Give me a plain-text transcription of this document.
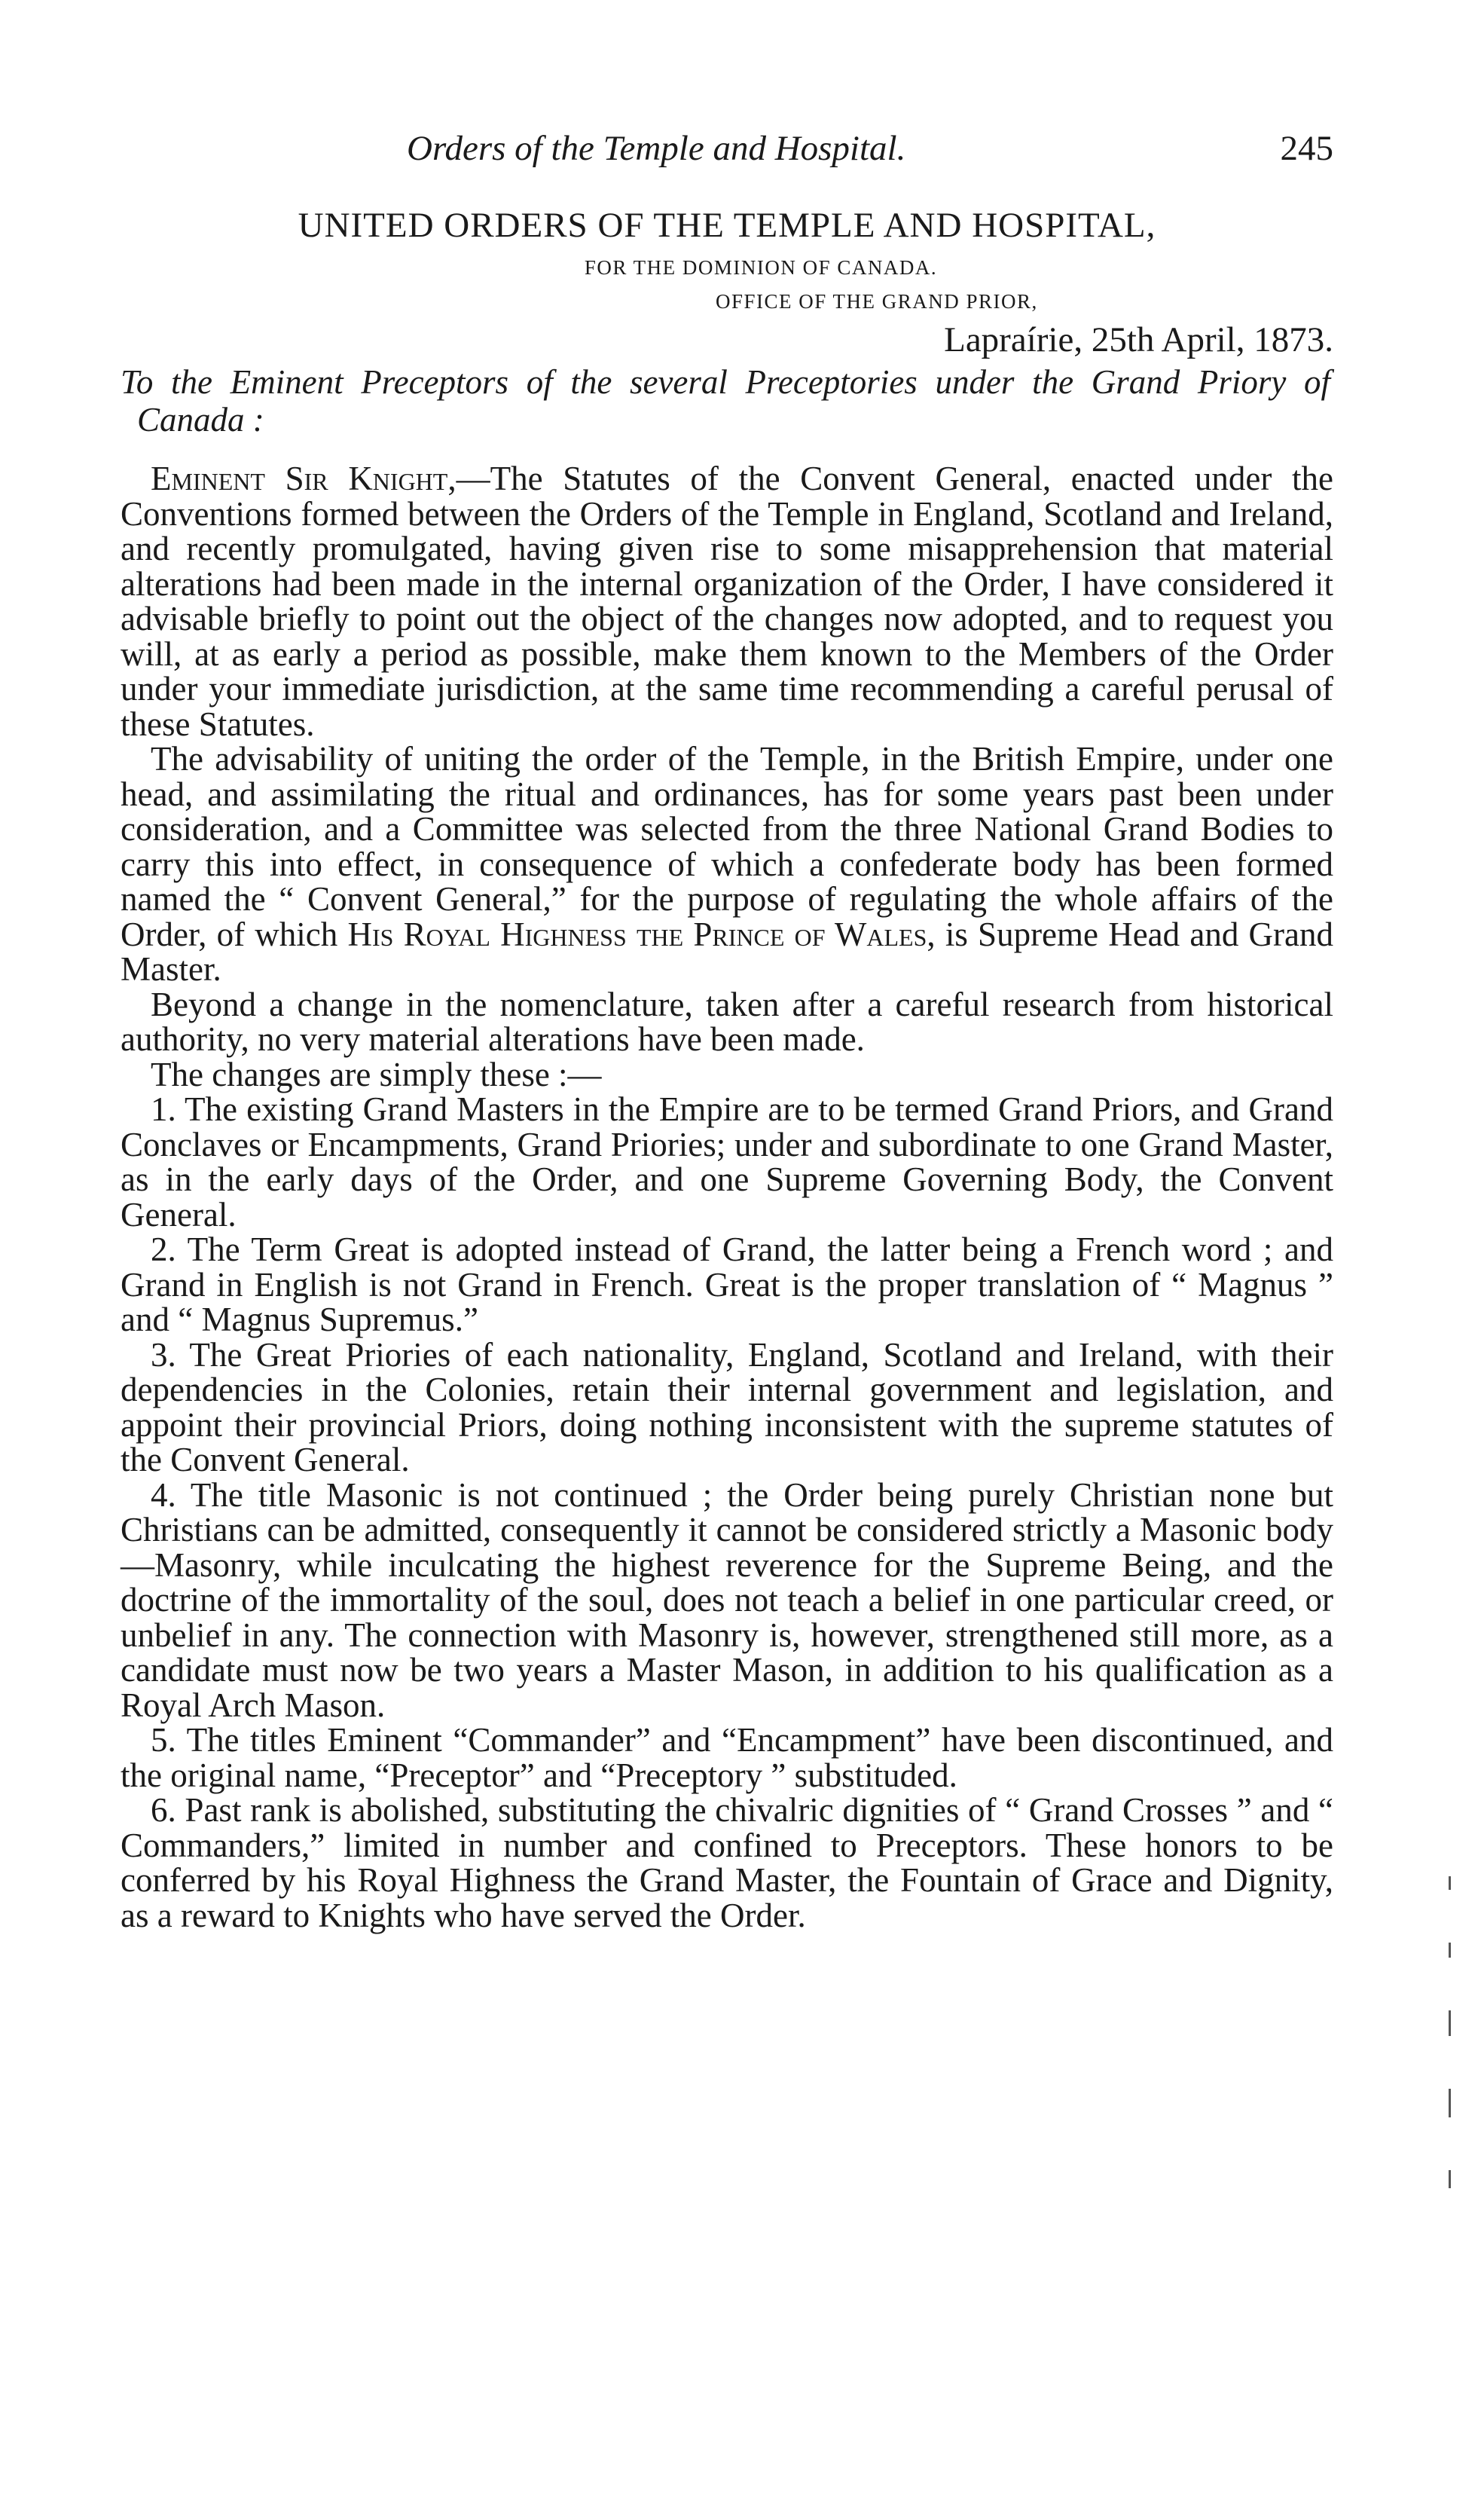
Orders of the Temple and Hospital.	245
UNITED ORDERS OF THE TEMPLE AND HOSPITAL,
FOR THE DOMINION OF CANADA.
OFFICE OF THE GRAND PRIOR,
Lapraírie, 25th April, 1873.
To the Eminent Preceptors of the several Preceptories under the Grand Priory of Canada :

Eminent Sir Knight,—The Statutes of the Convent General, enacted under the Conventions formed between the Orders of the Temple in England, Scotland and Ireland, and recently promulgated, having given rise to some misapprehension that material alterations had been made in the internal organization of the Order, I have considered it advisable briefly to point out the object of the changes now adopted, and to request you will, at as early a period as possible, make them known to the Members of the Order under your immediate jurisdiction, at the same time recommending a careful perusal of these Statutes.

The advisability of uniting the order of the Temple, in the British Empire, under one head, and assimilating the ritual and ordinances, has for some years past been under consideration, and a Committee was selected from the three National Grand Bodies to carry this into effect, in consequence of which a confederate body has been formed named the “ Convent General,” for the purpose of regulating the whole affairs of the Order, of which His Royal Highness the Prince of Wales, is Supreme Head and Grand Master.

Beyond a change in the nomenclature, taken after a careful research from historical authority, no very material alterations have been made.

The changes are simply these :—

1. The existing Grand Masters in the Empire are to be termed Grand Priors, and Grand Conclaves or Encampments, Grand Priories; under and subordinate to one Grand Master, as in the early days of the Order, and one Supreme Governing Body, the Convent General.

2. The Term Great is adopted instead of Grand, the latter being a French word ; and Grand in English is not Grand in French. Great is the proper translation of “ Magnus ” and “ Magnus Supremus.”

3. The Great Priories of each nationality, England, Scotland and Ireland, with their dependencies in the Colonies, retain their internal government and legislation, and appoint their provincial Priors, doing nothing inconsistent with the supreme statutes of the Convent General.

4. The title Masonic is not continued ; the Order being purely Christian none but Christians can be admitted, consequently it cannot be considered strictly a Masonic body—Masonry, while inculcating the highest reverence for the Supreme Being, and the doctrine of the immortality of the soul, does not teach a belief in one particular creed, or unbelief in any. The connection with Masonry is, however, strengthened still more, as a candidate must now be two years a Master Mason, in addition to his qualification as a Royal Arch Mason.

5. The titles Eminent “Commander” and “Encampment” have been discontinued, and the original name, “Preceptor” and “Preceptory ” substituded.

6. Past rank is abolished, substituting the chivalric dignities of “ Grand Crosses ” and “ Commanders,” limited in number and confined to Preceptors. These honors to be conferred by his Royal Highness the Grand Master, the Fountain of Grace and Dignity, as a reward to Knights who have served the Order.
